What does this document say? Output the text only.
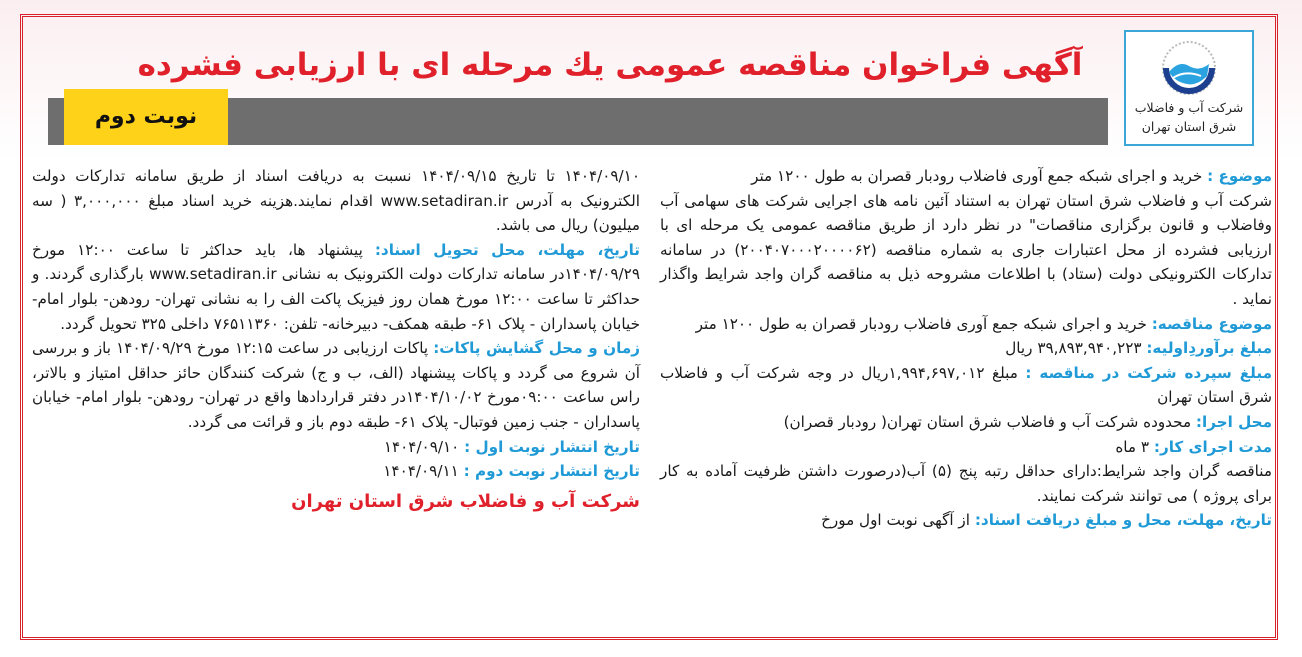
شرکت آب و فاضلاب
شرق استان تهران
آگهی فراخوان مناقصه عمومی یك مرحله ای با ارزیابی فشرده
نوبت دوم

موضوع : خرید و اجرای شبکه جمع آوری فاضلاب رودبار قصران به طول ۱۲۰۰ متر

شرکت آب و فاضلاب شرق استان تهران به استناد آئین نامه های اجرایی شرکت های سهامی آب وفاضلاب و قانون برگزاری مناقصات" در نظر دارد از طریق مناقصه عمومی یک مرحله ای با ارزیابی فشرده از محل اعتبارات جاری به شماره مناقصه (۲۰۰۴۰۷۰۰۰۲۰۰۰۰۶۲) در سامانه تدارکات الکترونیکی دولت (ستاد) با اطلاعات مشروحه ذیل به مناقصه گران واجد شرایط واگذار نماید .

موضوع مناقصه: خرید و اجرای شبکه جمع آوری فاضلاب رودبار قصران به طول ۱۲۰۰ متر

مبلغ برآوردِاولیه: ۳۹,۸۹۳,۹۴۰,۲۲۳ ریال

مبلغ سپرده شرکت در مناقصه : مبلغ ۱,۹۹۴,۶۹۷,۰۱۲ریال در وجه شرکت آب و فاضلاب شرق استان تهران

محل اجرا: محدوده شرکت آب و فاضلاب شرق استان تهران( رودبار قصران)

مدت اجرای کار: ۳ ماه

مناقصه گران واجد شرایط:دارای حداقل رتبه پنج (۵) آب(درصورت داشتن ظرفیت آماده به کار برای پروژه ) می توانند شرکت نمایند.

تاریخ، مهلت، محل و مبلغ دریافت اسناد: از آگهی نوبت اول مورخ

۱۴۰۴/۰۹/۱۰ تا تاریخ ۱۴۰۴/۰۹/۱۵ نسبت به دریافت اسناد از طریق سامانه تدارکات دولت الکترونیک به آدرس www.setadiran.ir اقدام نمایند.هزینه خرید اسناد مبلغ ۳,۰۰۰,۰۰۰ ( سه میلیون) ریال می باشد.

تاریخ، مهلت، محل تحویل اسناد: پیشنهاد ها، باید حداکثر تا ساعت ۱۲:۰۰ مورخ ۱۴۰۴/۰۹/۲۹در سامانه تدارکات دولت الکترونیک به نشانی www.setadiran.ir بارگذاری گردند. و حداکثر تا ساعت ۱۲:۰۰ مورخ همان روز فیزیک پاکت الف را به نشانی تهران- رودهن- بلوار امام- خیابان پاسداران - پلاک ۶۱- طبقه همکف- دبیرخانه- تلفن: ۷۶۵۱۱۳۶۰ داخلی ۳۲۵ تحویل گردد.

زمان و محل گشایش پاکات: پاکات ارزیابی در ساعت ۱۲:۱۵ مورخ ۱۴۰۴/۰۹/۲۹ باز و بررسی آن شروع می گردد و پاکات پیشنهاد (الف، ب و ج) شرکت کنندگان حائز حداقل امتیاز و بالاتر، راس ساعت ۰۹:۰۰مورخ ۱۴۰۴/۱۰/۰۲در دفتر قراردادها واقع در تهران- رودهن- بلوار امام- خیابان پاسداران - جنب زمین فوتبال- پلاک ۶۱- طبقه دوم باز و قرائت می گردد.

تاریخ انتشار نوبت اول : ۱۴۰۴/۰۹/۱۰

تاریخ انتشار نوبت دوم : ۱۴۰۴/۰۹/۱۱

شرکت آب و فاضلاب شرق استان تهران
